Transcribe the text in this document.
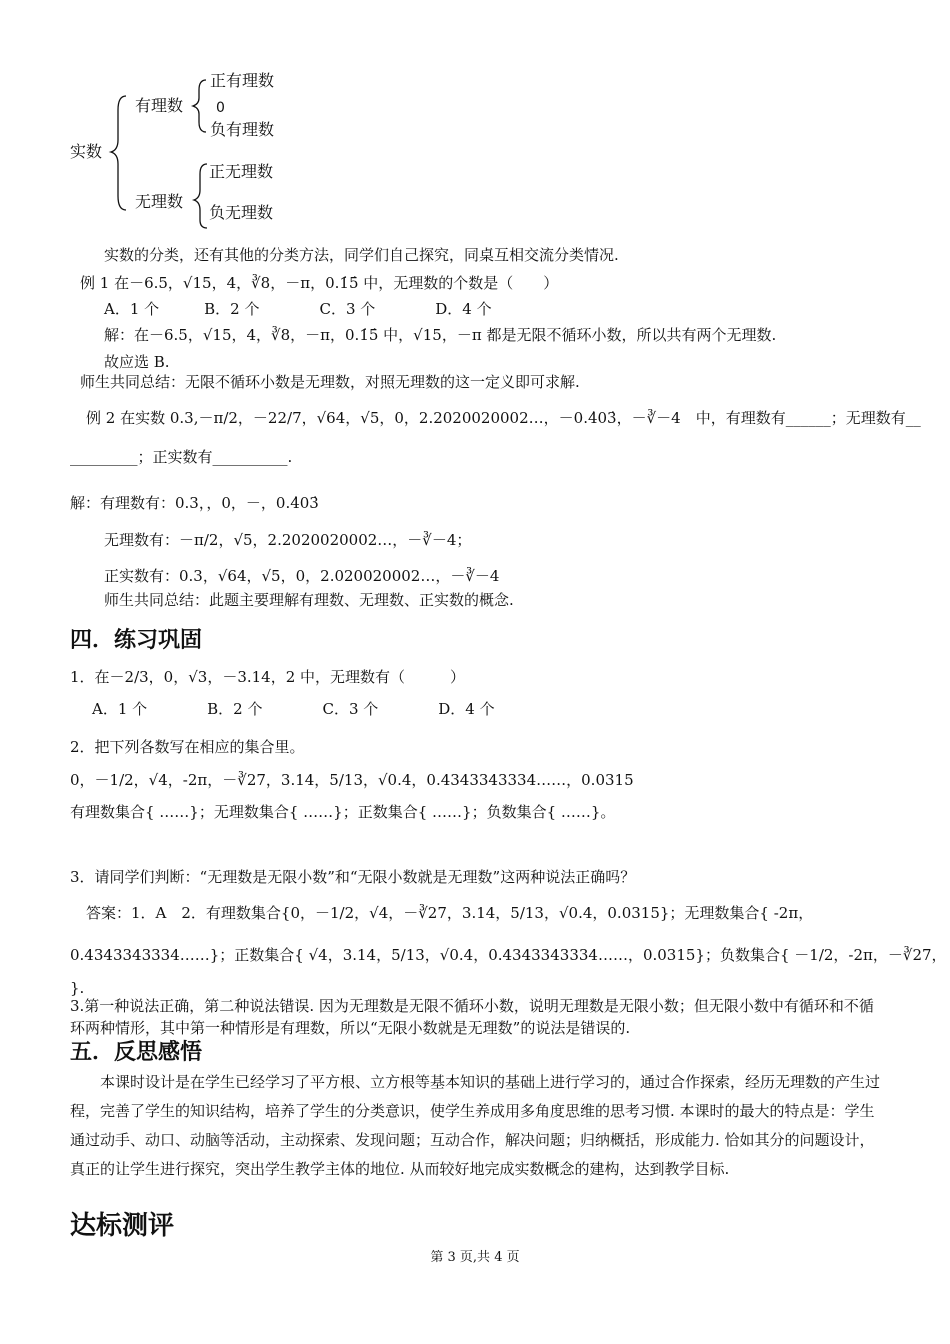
实数
有理数
正有理数
0
负有理数
无理数
正无理数
负无理数
实数的分类，还有其他的分类方法，同学们自己探究，同桌互相交流分类情况.
例 1 在－6.5，√15，4，∛8，－π，0.1̇5̇ 中，无理数的个数是（　　）
A．1 个　　　B．2 个　　　　C．3 个　　　　D．4 个
解：在－6.5，√15，4，∛8，－π，0.1̇5̇ 中，√15，－π 都是无限不循环小数，所以共有两个无理数.
故应选 B.
师生共同总结：无限不循环小数是无理数，对照无理数的这一定义即可求解.
例 2 在实数 0.3,－π/2，－22/7，√64，√5，0，2.2020020002…，－0.4̇03̇，－∛－4　中，有理数有______；无理数有__
_________；正实数有__________.
解：有理数有：0.3，，0，－，0.4̇03̇
无理数有：－π/2，√5，2.2020020002…，－∛－4；
正实数有：0.3，√64，√5，0，2.020020002…，－∛－4
师生共同总结：此题主要理解有理数、无理数、正实数的概念.
四．练习巩固
1．在－2/3，0，√3，－3.14，2 中，无理数有（　　　）
A．1 个　　　　B．2 个　　　　C．3 个　　　　D．4 个
2．把下列各数写在相应的集合里。
0，－1/2，√4，-2π，－∛27，3.14，5/13，√0.4，0.4343343334……，0.0315
有理数集合{ ……}；无理数集合{ ……}；正数集合{ ……}；负数集合{ ……}。
3．请同学们判断：“无理数是无限小数”和“无限小数就是无理数”这两种说法正确吗？
答案：1．A　2．有理数集合{0，－1/2，√4，－∛27，3.14，5/13，√0.4，0.0315}；无理数集合{ -2π，
0.4343343334……}；正数集合{ √4，3.14，5/13，√0.4，0.4343343334……，0.0315}；负数集合{ －1/2，-2π，－∛27，
}.
3.第一种说法正确，第二种说法错误. 因为无理数是无限不循环小数，说明无理数是无限小数；但无限小数中有循环和不循环两种情形，其中第一种情形是有理数，所以“无限小数就是无理数”的说法是错误的.
五．反思感悟
本课时设计是在学生已经学习了平方根、立方根等基本知识的基础上进行学习的，通过合作探索，经历无理数的产生过程，完善了学生的知识结构，培养了学生的分类意识，使学生养成用多角度思维的思考习惯. 本课时的最大的特点是：学生通过动手、动口、动脑等活动，主动探索、发现问题；互动合作，解决问题；归纳概括，形成能力. 恰如其分的问题设计，真正的让学生进行探究，突出学生教学主体的地位. 从而较好地完成实数概念的建构，达到教学目标.
达标测评
第 3 页,共 4 页
